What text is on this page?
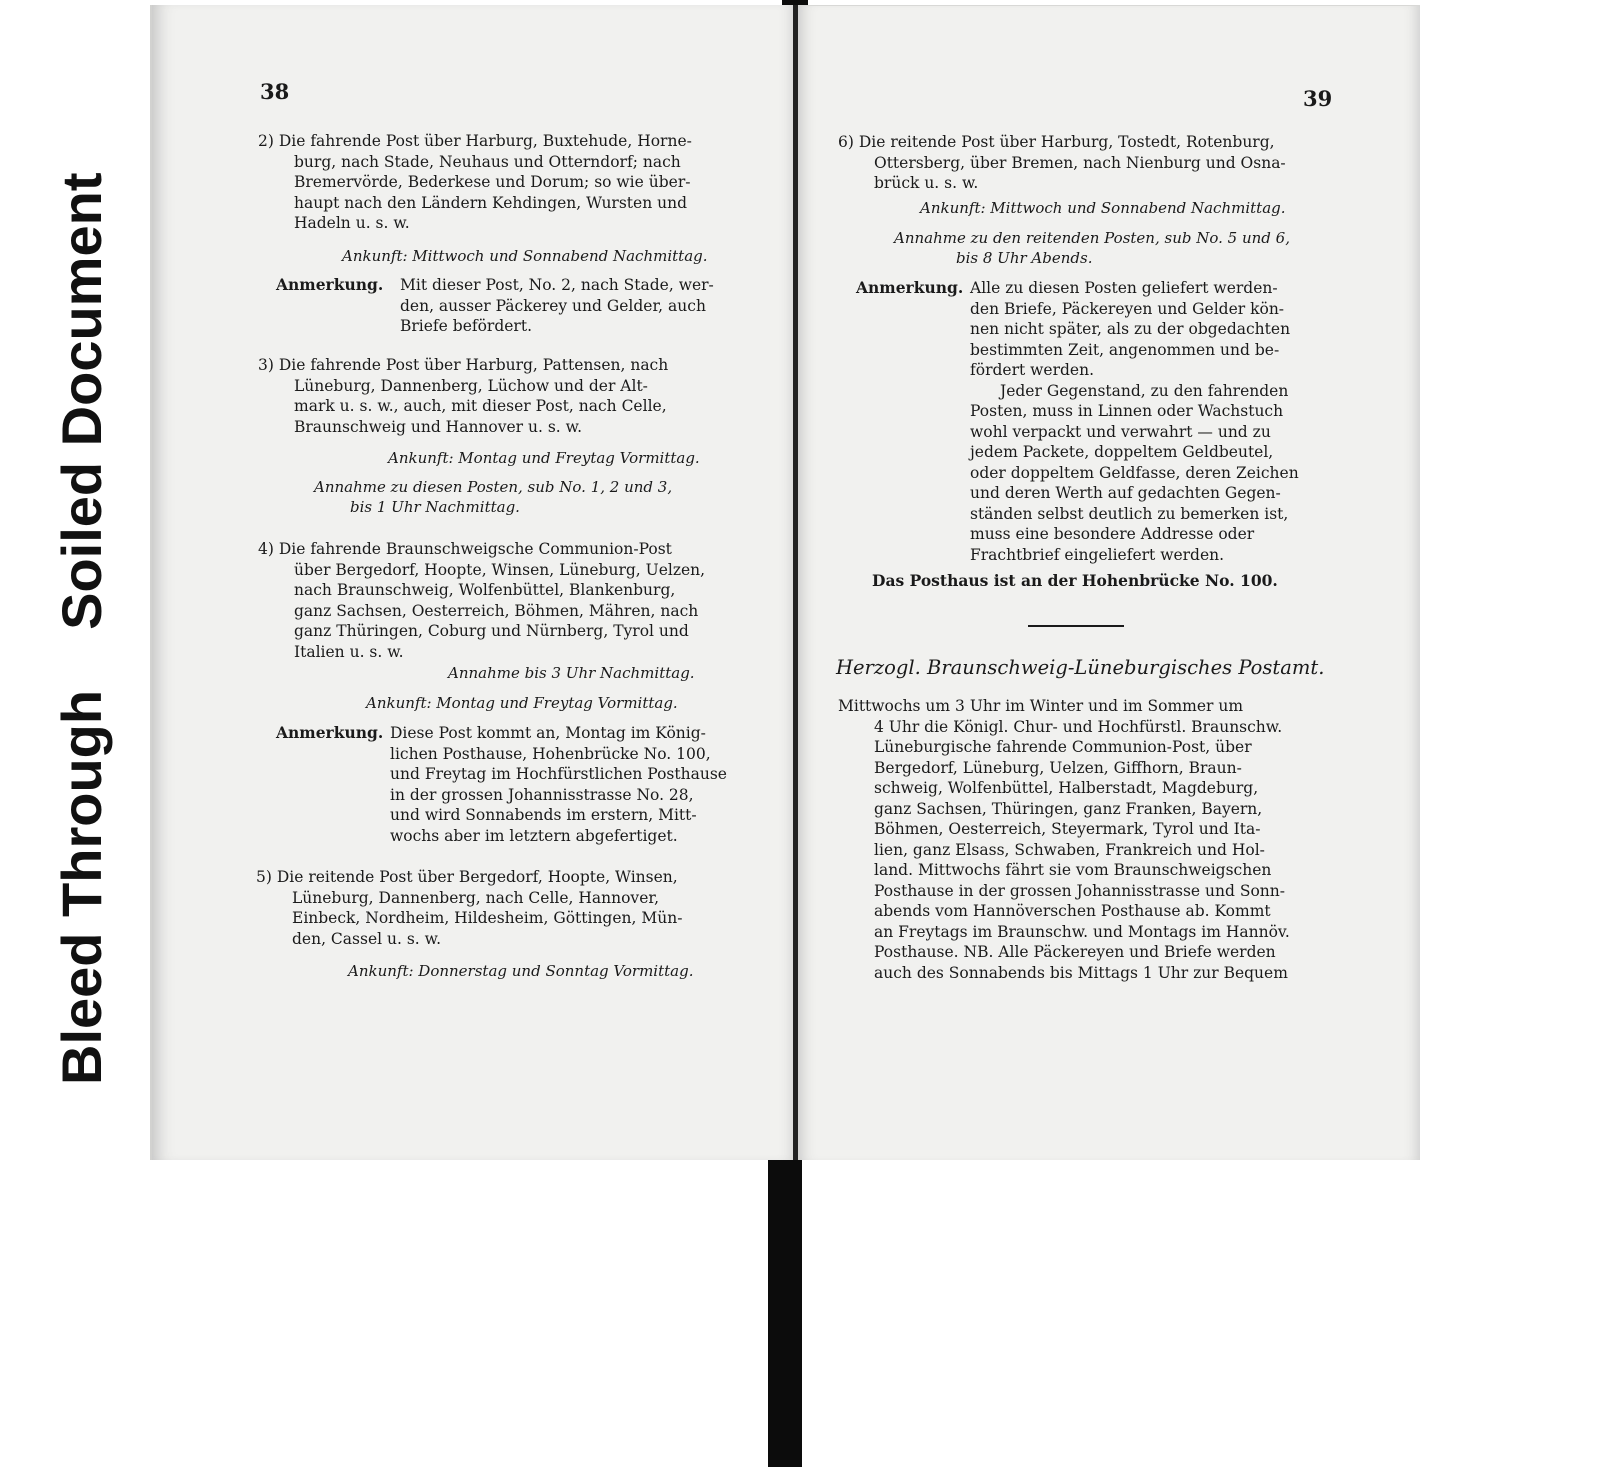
Bleed ThroughSoiled Document
38
2) Die fahrende Post über Harburg, Buxtehude, Horne-
burg, nach Stade, Neuhaus und Otterndorf; nach
Bremervörde, Bederkese und Dorum; so wie über-
haupt nach den Ländern Kehdingen, Wursten und
Hadeln u. s. w.
Ankunft: Mittwoch und Sonnabend Nachmittag.
Anmerkung. Mit dieser Post, No. 2, nach Stade, wer-
den, ausser Päckerey und Gelder, auch
Briefe befördert.
3) Die fahrende Post über Harburg, Pattensen, nach
Lüneburg, Dannenberg, Lüchow und der Alt-
mark u. s. w., auch, mit dieser Post, nach Celle,
Braunschweig und Hannover u. s. w.
Ankunft: Montag und Freytag Vormittag.
Annahme zu diesen Posten, sub No. 1, 2 und 3,
bis 1 Uhr Nachmittag.
4) Die fahrende Braunschweigsche Communion-Post
über Bergedorf, Hoopte, Winsen, Lüneburg, Uelzen,
nach Braunschweig, Wolfenbüttel, Blankenburg,
ganz Sachsen, Oesterreich, Böhmen, Mähren, nach
ganz Thüringen, Coburg und Nürnberg, Tyrol und
Italien u. s. w.
Annahme bis 3 Uhr Nachmittag.
Ankunft: Montag und Freytag Vormittag.
Anmerkung. Diese Post kommt an, Montag im König-
lichen Posthause, Hohenbrücke No. 100,
und Freytag im Hochfürstlichen Posthause
in der grossen Johannisstrasse No. 28,
und wird Sonnabends im erstern, Mitt-
wochs aber im letztern abgefertiget.
5) Die reitende Post über Bergedorf, Hoopte, Winsen,
Lüneburg, Dannenberg, nach Celle, Hannover,
Einbeck, Nordheim, Hildesheim, Göttingen, Mün-
den, Cassel u. s. w.
Ankunft: Donnerstag und Sonntag Vormittag.
39
6) Die reitende Post über Harburg, Tostedt, Rotenburg,
Ottersberg, über Bremen, nach Nienburg und Osna-
brück u. s. w.
Ankunft: Mittwoch und Sonnabend Nachmittag.
Annahme zu den reitenden Posten, sub No. 5 und 6,
bis 8 Uhr Abends.
Anmerkung. Alle zu diesen Posten geliefert werden-
den Briefe, Päckereyen und Gelder kön-
nen nicht später, als zu der obgedachten
bestimmten Zeit, angenommen und be-
fördert werden.
Jeder Gegenstand, zu den fahrenden
Posten, muss in Linnen oder Wachstuch
wohl verpackt und verwahrt — und zu
jedem Packete, doppeltem Geldbeutel,
oder doppeltem Geldfasse, deren Zeichen
und deren Werth auf gedachten Gegen-
ständen selbst deutlich zu bemerken ist,
muss eine besondere Addresse oder
Frachtbrief eingeliefert werden.
Das Posthaus ist an der Hohenbrücke No. 100.
Herzogl. Braunschweig-Lüneburgisches Postamt.
Mittwochs um 3 Uhr im Winter und im Sommer um
4 Uhr die Königl. Chur- und Hochfürstl. Braunschw.
Lüneburgische fahrende Communion-Post, über
Bergedorf, Lüneburg, Uelzen, Giffhorn, Braun-
schweig, Wolfenbüttel, Halberstadt, Magdeburg,
ganz Sachsen, Thüringen, ganz Franken, Bayern,
Böhmen, Oesterreich, Steyermark, Tyrol und Ita-
lien, ganz Elsass, Schwaben, Frankreich und Hol-
land. Mittwochs fährt sie vom Braunschweigschen
Posthause in der grossen Johannisstrasse und Sonn-
abends vom Hannöverschen Posthause ab. Kommt
an Freytags im Braunschw. und Montags im Hannöv.
Posthause. NB. Alle Päckereyen und Briefe werden
auch des Sonnabends bis Mittags 1 Uhr zur Bequem
